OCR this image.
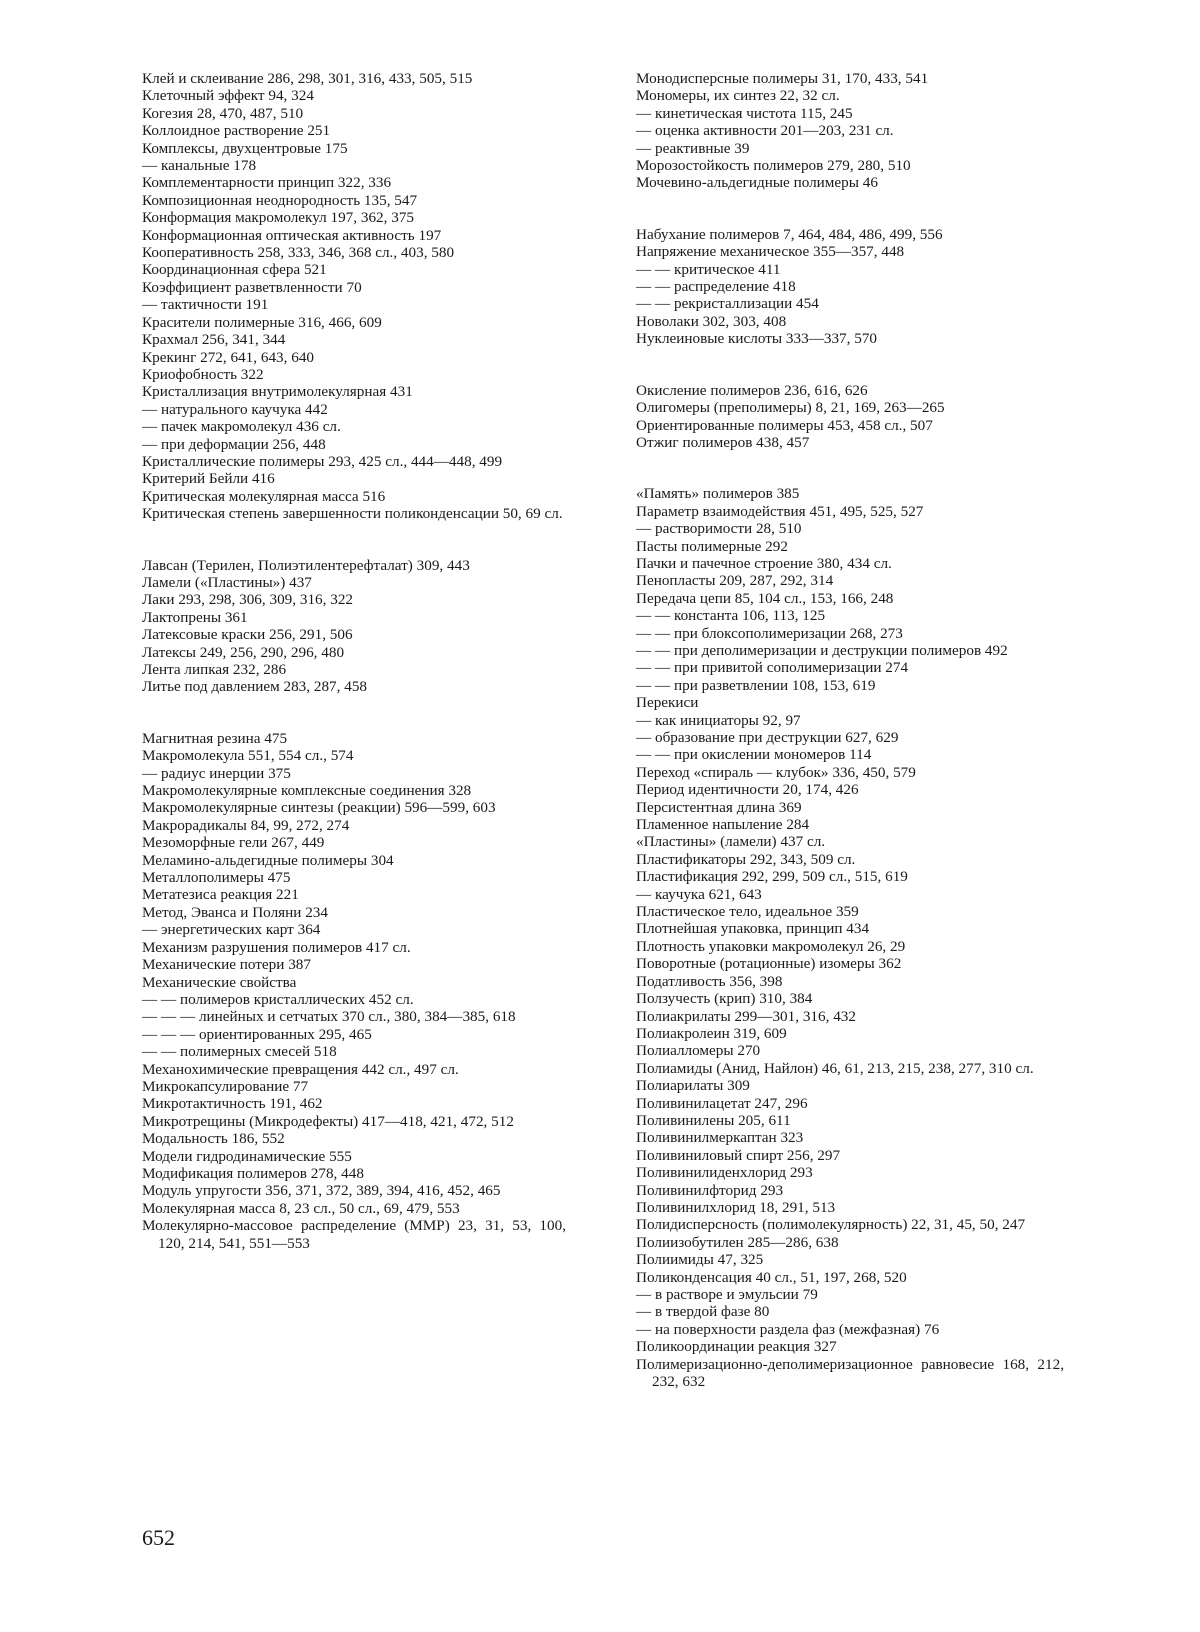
Клей и склеивание 286, 298, 301, 316, 433, 505, 515
Клеточный эффект 94, 324
Когезия 28, 470, 487, 510
Коллоидное растворение 251
Комплексы, двухцентровые 175
— канальные 178
Комплементарности принцип 322, 336
Композиционная неоднородность 135, 547
Конформация макромолекул 197, 362, 375
Конформационная оптическая активность 197
Кооперативность 258, 333, 346, 368 сл., 403, 580
Координационная сфера 521
Коэффициент разветвленности 70
— тактичности 191
Красители полимерные 316, 466, 609
Крахмал 256, 341, 344
Крекинг 272, 641, 643, 640
Криофобность 322
Кристаллизация внутримолекулярная 431
— натурального каучука 442
— пачек макромолекул 436 сл.
— при деформации 256, 448
Кристаллические полимеры 293, 425 сл., 444—448, 499
Критерий Бейли 416
Критическая молекулярная масса 516
Критическая степень завершенности поликонденсации 50, 69 сл.
Лавсан (Терилен, Полиэтилентерефталат) 309, 443
Ламели («Пластины») 437
Лаки 293, 298, 306, 309, 316, 322
Лактопрены 361
Латексовые краски 256, 291, 506
Латексы 249, 256, 290, 296, 480
Лента липкая 232, 286
Литье под давлением 283, 287, 458
Магнитная резина 475
Макромолекула 551, 554 сл., 574
— радиус инерции 375
Макромолекулярные комплексные соединения 328
Макромолекулярные синтезы (реакции) 596—599, 603
Макрорадикалы 84, 99, 272, 274
Мезоморфные гели 267, 449
Меламино-альдегидные полимеры 304
Металлополимеры 475
Метатезиса реакция 221
Метод, Эванса и Поляни 234
— энергетических карт 364
Механизм разрушения полимеров 417 сл.
Механические потери 387
Механические свойства
— — полимеров кристаллических 452 сл.
— — — линейных и сетчатых 370 сл., 380, 384—385, 618
— — — ориентированных 295, 465
— — полимерных смесей 518
Механохимические превращения 442 сл., 497 сл.
Микрокапсулирование 77
Микротактичность 191, 462
Микротрещины (Микродефекты) 417—418, 421, 472, 512
Модальность 186, 552
Модели гидродинамические 555
Модификация полимеров 278, 448
Модуль упругости 356, 371, 372, 389, 394, 416, 452, 465
Молекулярная масса 8, 23 сл., 50 сл., 69, 479, 553
Молекулярно-массовое распределение (ММР) 23, 31, 53, 100, 120, 214, 541, 551—553
Монодисперсные полимеры 31, 170, 433, 541
Мономеры, их синтез 22, 32 сл.
— кинетическая чистота 115, 245
— оценка активности 201—203, 231 сл.
— реактивные 39
Морозостойкость полимеров 279, 280, 510
Мочевино-альдегидные полимеры 46
Набухание полимеров 7, 464, 484, 486, 499, 556
Напряжение механическое 355—357, 448
— — критическое 411
— — распределение 418
— — рекристаллизации 454
Новолаки 302, 303, 408
Нуклеиновые кислоты 333—337, 570
Окисление полимеров 236, 616, 626
Олигомеры (преполимеры) 8, 21, 169, 263—265
Ориентированные полимеры 453, 458 сл., 507
Отжиг полимеров 438, 457
«Память» полимеров 385
Параметр взаимодействия 451, 495, 525, 527
— растворимости 28, 510
Пасты полимерные 292
Пачки и пачечное строение 380, 434 сл.
Пенопласты 209, 287, 292, 314
Передача цепи 85, 104 сл., 153, 166, 248
— — константа 106, 113, 125
— — при блоксополимеризации 268, 273
— — при деполимеризации и деструкции полимеров 492
— — при привитой сополимеризации 274
— — при разветвлении 108, 153, 619
Перекиси
— как инициаторы 92, 97
— образование при деструкции 627, 629
— — при окислении мономеров 114
Переход «спираль — клубок» 336, 450, 579
Период идентичности 20, 174, 426
Персистентная длина 369
Пламенное напыление 284
«Пластины» (ламели) 437 сл.
Пластификаторы 292, 343, 509 сл.
Пластификация 292, 299, 509 сл., 515, 619
— каучука 621, 643
Пластическое тело, идеальное 359
Плотнейшая упаковка, принцип 434
Плотность упаковки макромолекул 26, 29
Поворотные (ротационные) изомеры 362
Податливость 356, 398
Ползучесть (крип) 310, 384
Полиакрилаты 299—301, 316, 432
Полиакролеин 319, 609
Полиалломеры 270
Полиамиды (Анид, Найлон) 46, 61, 213, 215, 238, 277, 310 сл.
Полиарилаты 309
Поливинилацетат 247, 296
Поливинилены 205, 611
Поливинилмеркаптан 323
Поливиниловый спирт 256, 297
Поливинилиденхлорид 293
Поливинилфторид 293
Поливинилхлорид 18, 291, 513
Полидисперсность (полимолекулярность) 22, 31, 45, 50, 247
Полиизобутилен 285—286, 638
Полиимиды 47, 325
Поликонденсация 40 сл., 51, 197, 268, 520
— в растворе и эмульсии 79
— в твердой фазе 80
— на поверхности раздела фаз (межфазная) 76
Поликоординации реакция 327
Полимеризационно-деполимеризационное равновесие 168, 212, 232, 632
652
